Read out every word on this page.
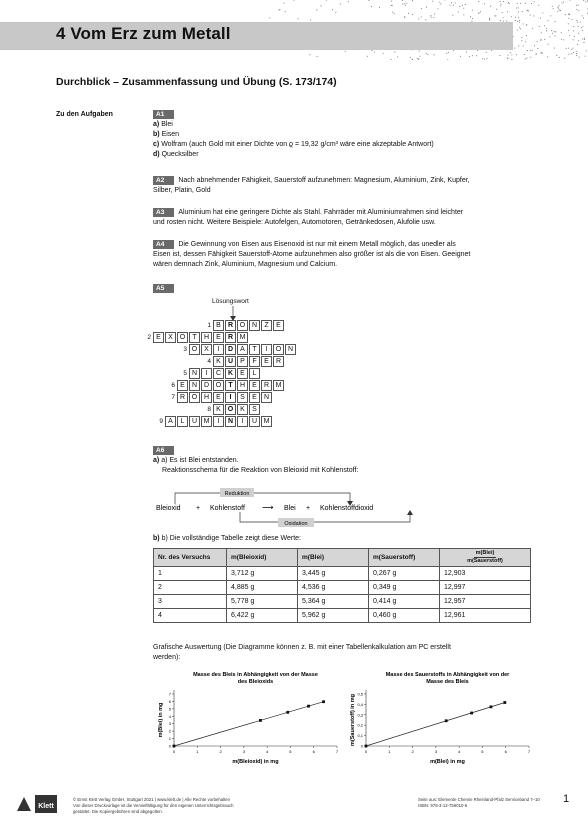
4 Vom Erz zum Metall
Durchblick – Zusammenfassung und Übung (S. 173/174)
Zu den Aufgaben	A1
a) Blei
b) Eisen
c) Wolfram (auch Gold mit einer Dichte von ϱ = 19,32 g/cm³ wäre eine akzeptable Antwort)
d) Quecksilber
A2 Nach abnehmender Fähigkeit, Sauerstoff aufzunehmen: Magnesium, Aluminium, Zink, Kupfer,
Silber, Platin, Gold
A3 Aluminium hat eine geringere Dichte als Stahl. Fahrräder mit Aluminiumrahmen sind leichter
und rosten nicht. Weitere Beispiele: Autofelgen, Automotoren, Getränkedosen, Alufolie usw.
A4 Die Gewinnung von Eisen aus Eisenoxid ist nur mit einem Metall möglich, das unedler als
Eisen ist, dessen Fähigkeit Sauerstoff-Atome aufzunehmen also größer ist als die von Eisen. Geeignet
wären demnach Zink, Aluminium, Magnesium und Calcium.
A5
Lösungswort
1 B	R O N	Z	E
2 E	X O	T	H	E	R M
3 O X	I	D	A	T	I	O N
4 K	U	P	F	E	R
5 N	I	C K	E	L
6 E	N D O	T	H	E	R M
7 R O H	E	I	S	E	N
8 K O K	S
9 A	L	U M	I	N	I	U M
A6
a) a) Es ist Blei entstanden.
Reaktionsschema für die Reaktion von Bleioxid mit Kohlenstoff:
Reduktion
Oxidation
Bleioxid + Kohlenstoff ⟶ Blei + Kohlenstoffdioxid
b) b) Die vollständige Tabelle zeigt diese Werte:
Nr. des Versuchs	m(Bleioxid)	m(Blei)	m(Sauerstoff)	m(Blei)
m(Sauerstoff)
1	3,712 g	3,445 g	0,267 g	12,903
2	4,885 g	4,536 g	0,349 g	12,997
3	5,778 g	5,364 g	0,414 g	12,957
4	6,422 g	5,962 g	0,460 g	12,961
Grafische Auswertung (Die Diagramme können z. B. mit einer Tabellenkalkulation am PC erstellt
werden):
Masse des Bleis in Abhängigkeit von der Masse
des Bleioxids
0	1	2	3	4	5	6	7
0
1
2
3
4
5
6
7
m(Bleioxid) in mg
m(Blei) in mg
Masse des Sauerstoffs in Abhängigkeit von der
Masse des Bleis
0	1	2	3	4	5	6	7
0
0,1
0,2
0,3
0,4
0,5
m(Blei) in mg
m(Sauerstoff) in mg
Klett
© Ernst Klett Verlag GmbH, Stuttgart 2021 | www.klett.de | Alle Rechte vorbehalten
Von dieser Druckvorlage ist die Vervielfältigung für den eigenen Unterrichtsgebrauch
gestattet. Die Kopiergebühren sind abgegolten.
Seite aus: Elemente Chemie Rheinland-Pfalz Serviceband 7–10
ISBN: 978-3-12-756010-6
1
